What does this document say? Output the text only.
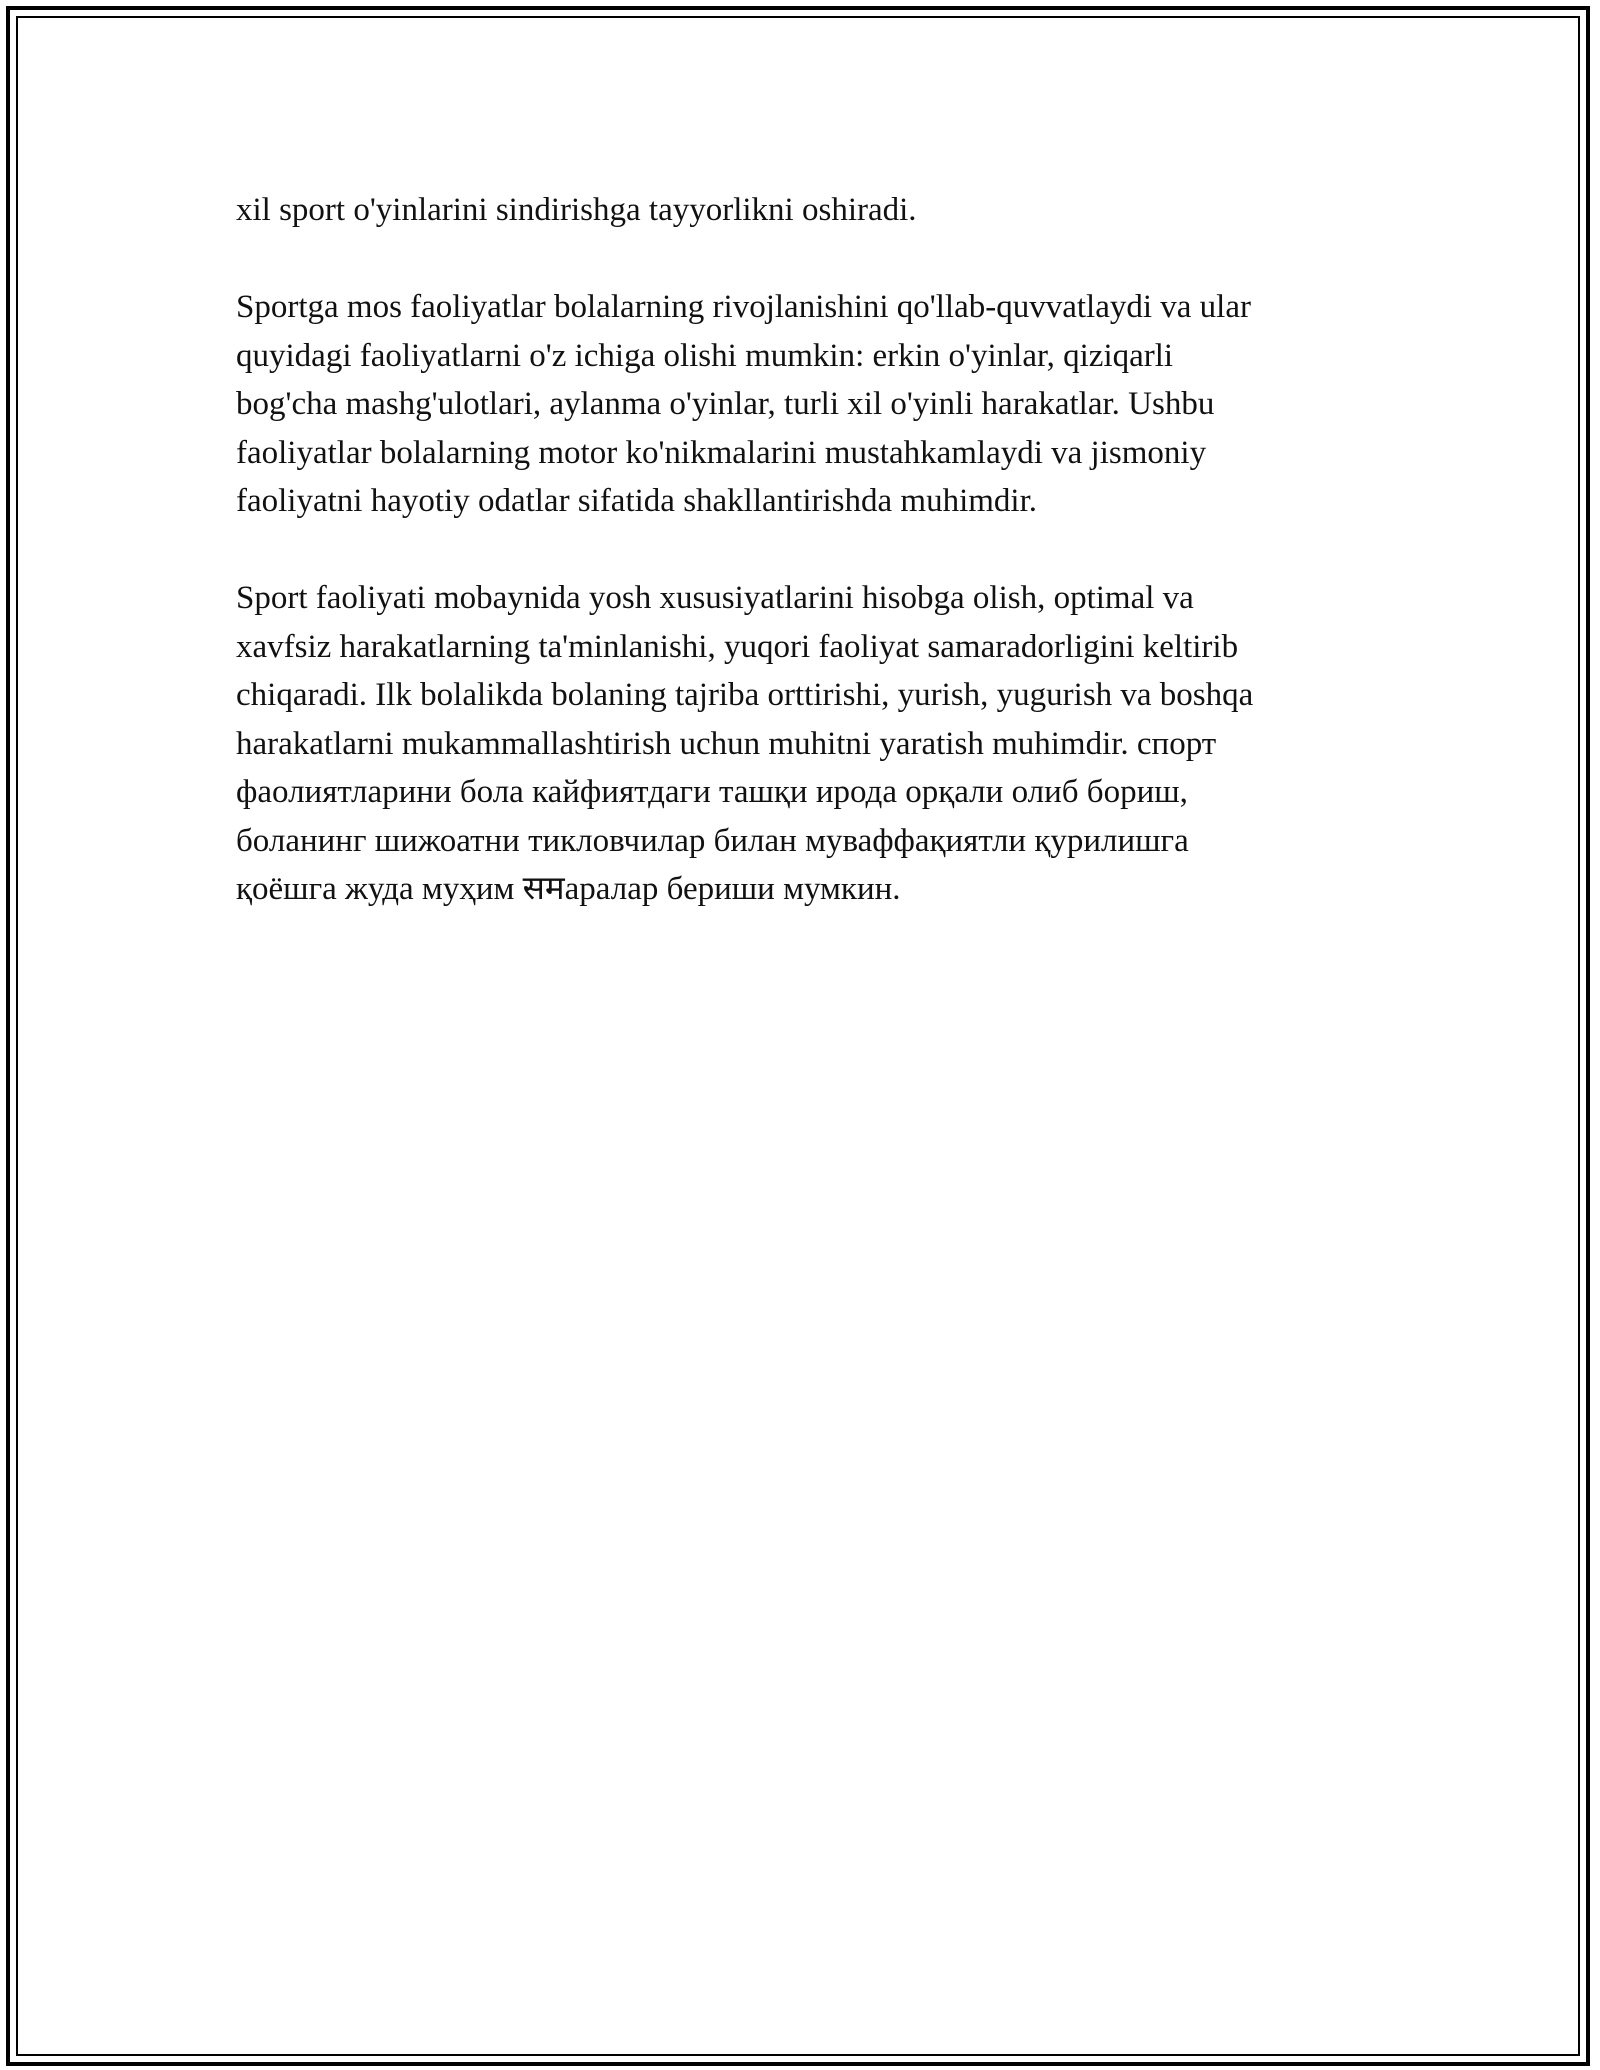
xil sport o'yinlarini sindirishga tayyorlikni oshiradi.

Sportga mos faoliyatlar bolalarning rivojlanishini qo'llab-quvvatlaydi va ular
quyidagi faoliyatlarni o'z ichiga olishi mumkin: erkin o'yinlar, qiziqarli
bog'cha mashg'ulotlari, aylanma o'yinlar, turli xil o'yinli harakatlar. Ushbu
faoliyatlar bolalarning motor ko'nikmalarini mustahkamlaydi va jismoniy
faoliyatni hayotiy odatlar sifatida shakllantirishda muhimdir.

Sport faoliyati mobaynida yosh xususiyatlarini hisobga olish, optimal va
xavfsiz harakatlarning ta'minlanishi, yuqori faoliyat samaradorligini keltirib
chiqaradi. Ilk bolalikda bolaning tajriba orttirishi, yurish, yugurish va boshqa
harakatlarni mukammallashtirish uchun muhitni yaratish muhimdir. спорт
фаолиятларини бола кайфиятдаги ташқи ирода орқали олиб бориш,
боланинг шижоатни тикловчилар билан муваффақиятли қурилишга
қоёшга жуда муҳим समаралар бериши мумкин.
